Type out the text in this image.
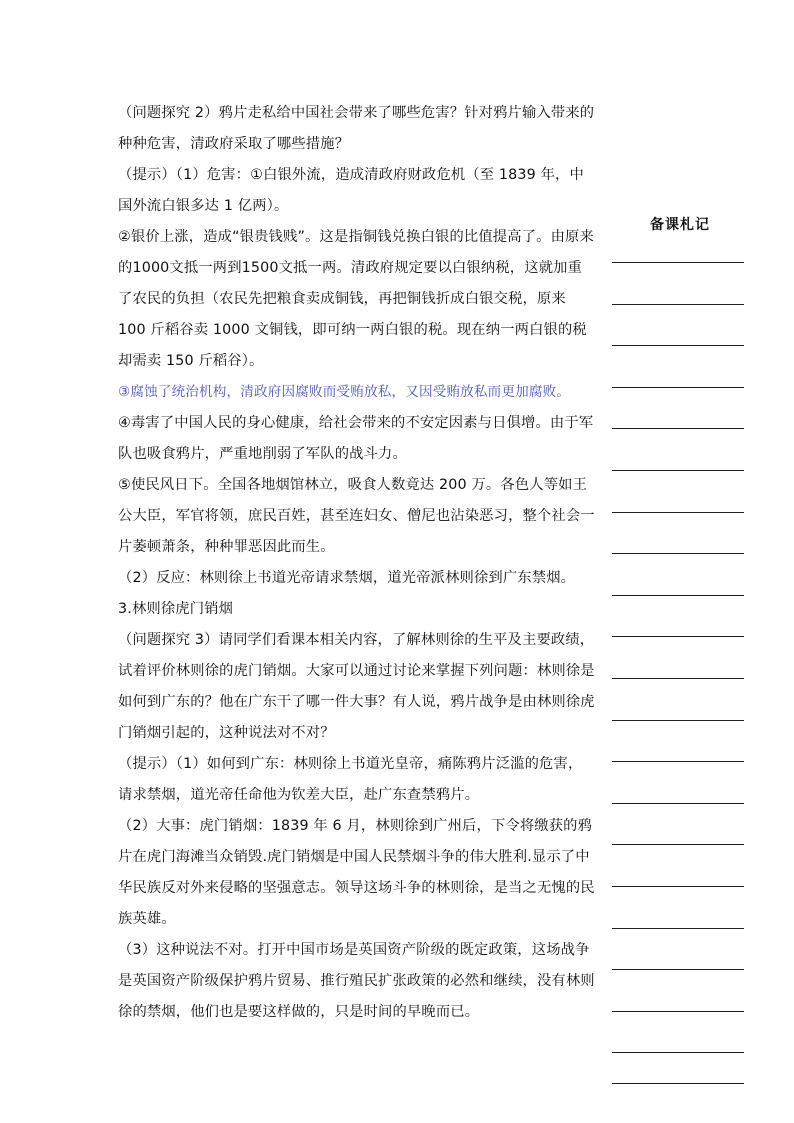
（问题探究 2）鸦片走私给中国社会带来了哪些危害？针对鸦片输入带来的种种危害，清政府采取了哪些措施？

（提示）（1）危害：①白银外流，造成清政府财政危机（至 1839 年，中国外流白银多达 1 亿两）。

②银价上涨，造成“银贵钱贱”。这是指铜钱兑换白银的比值提高了。由原来的1000文抵一两到1500文抵一两。清政府规定要以白银纳税，这就加重了农民的负担（农民先把粮食卖成铜钱，再把铜钱折成白银交税，原来 100 斤稻谷卖 1000 文铜钱，即可纳一两白银的税。现在纳一两白银的税却需卖 150 斤稻谷）。

③腐蚀了统治机构，清政府因腐败而受贿放私，又因受贿放私而更加腐败。

④毒害了中国人民的身心健康，给社会带来的不安定因素与日俱增。由于军队也吸食鸦片，严重地削弱了军队的战斗力。

⑤使民风日下。全国各地烟馆林立，吸食人数竟达 200 万。各色人等如王公大臣，军官将领，庶民百姓，甚至连妇女、僧尼也沾染恶习，整个社会一片萎顿萧条，种种罪恶因此而生。

（2）反应：林则徐上书道光帝请求禁烟，道光帝派林则徐到广东禁烟。

3.林则徐虎门销烟

（问题探究 3）请同学们看课本相关内容，了解林则徐的生平及主要政绩，试着评价林则徐的虎门销烟。大家可以通过讨论来掌握下列问题：林则徐是如何到广东的？他在广东干了哪一件大事？有人说，鸦片战争是由林则徐虎门销烟引起的，这种说法对不对？

（提示）（1）如何到广东：林则徐上书道光皇帝，痛陈鸦片泛滥的危害，请求禁烟，道光帝任命他为钦差大臣，赴广东查禁鸦片。

（2）大事：虎门销烟：1839 年 6 月，林则徐到广州后，下令将缴获的鸦片在虎门海滩当众销毁.虎门销烟是中国人民禁烟斗争的伟大胜利.显示了中华民族反对外来侵略的坚强意志。领导这场斗争的林则徐，是当之无愧的民族英雄。

（3）这种说法不对。打开中国市场是英国资产阶级的既定政策，这场战争是英国资产阶级保护鸦片贸易、推行殖民扩张政策的必然和继续，没有林则徐的禁烟，他们也是要这样做的，只是时间的早晚而已。

备课札记
